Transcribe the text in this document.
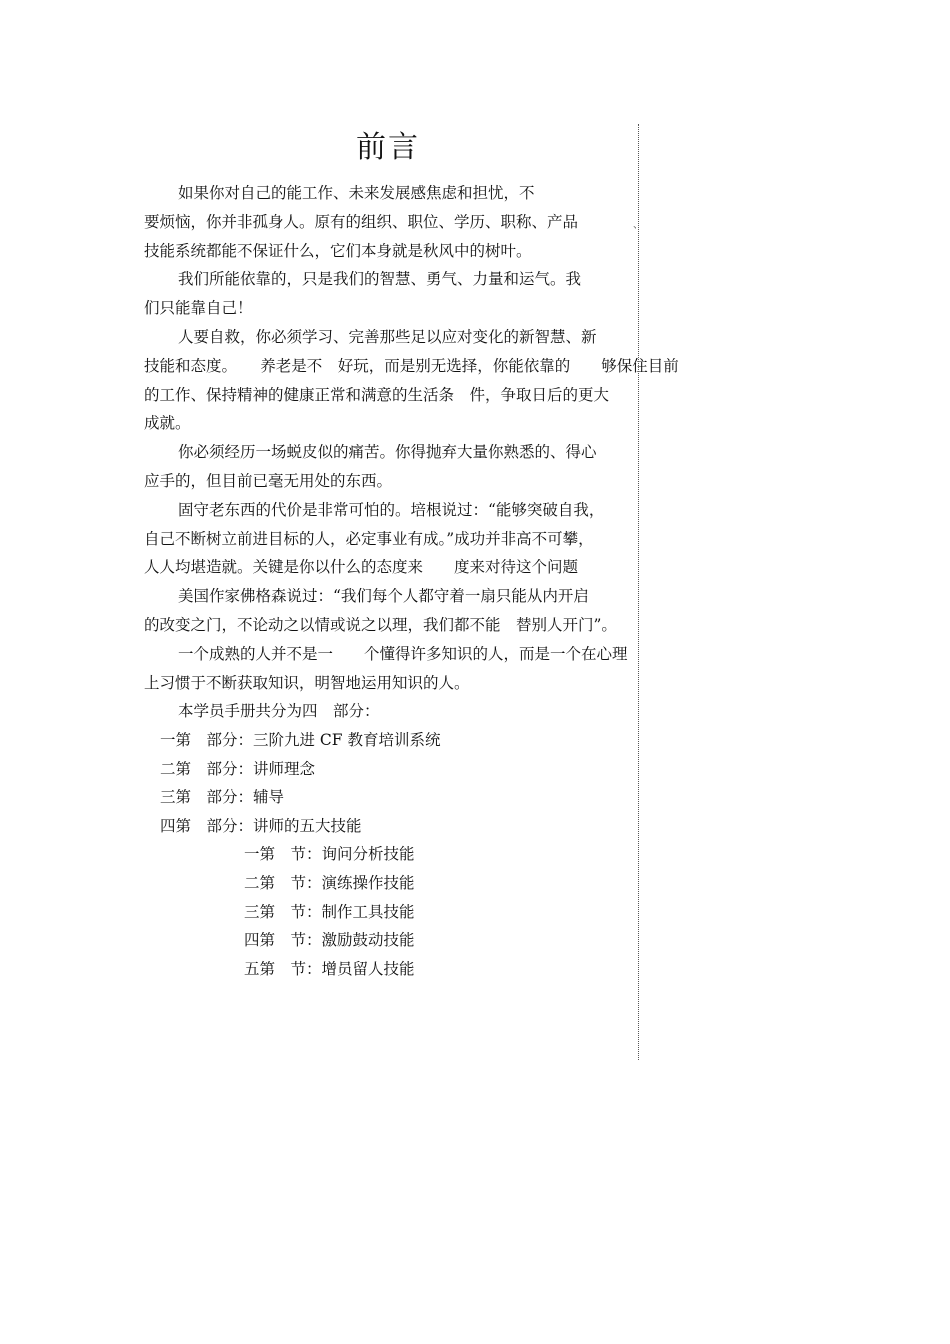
前言
如果你对自己的能工作、未来发展感焦虑和担忧，不
要烦恼，你并非孤身人。原有的组织、职位、学历、职称、产品
技能系统都能不保证什么，它们本身就是秋风中的树叶。
我们所能依靠的，只是我们的智慧、勇气、力量和运气。我
们只能靠自己！
人要自救，你必须学习、完善那些足以应对变化的新智慧、新
技能和态度。　　养老是不　好玩，而是别无选择，你能依靠的　　够保住目前
的工作、保持精神的健康正常和满意的生活条　件，争取日后的更大
成就。
你必须经历一场蜕皮似的痛苦。你得抛弃大量你熟悉的、得心
应手的，但目前已毫无用处的东西。
固守老东西的代价是非常可怕的。培根说过：“能够突破自我，
自己不断树立前进目标的人，必定事业有成。”成功并非高不可攀，
人人均堪造就。关键是你以什么的态度来　　度来对待这个问题
美国作家佛格森说过：“我们每个人都守着一扇只能从内开启
的改变之门，不论动之以情或说之以理，我们都不能　替别人开门”。
一个成熟的人并不是一　　个懂得许多知识的人，而是一个在心理
上习惯于不断获取知识，明智地运用知识的人。
本学员手册共分为四　部分：
一第　部分：三阶九进 CF 教育培训系统
二第　部分：讲师理念
三第　部分：辅导
四第　部分：讲师的五大技能
一第　节：询问分析技能
二第　节：演练操作技能
三第　节：制作工具技能
四第　节：激励鼓动技能
五第　节：增员留人技能
、
